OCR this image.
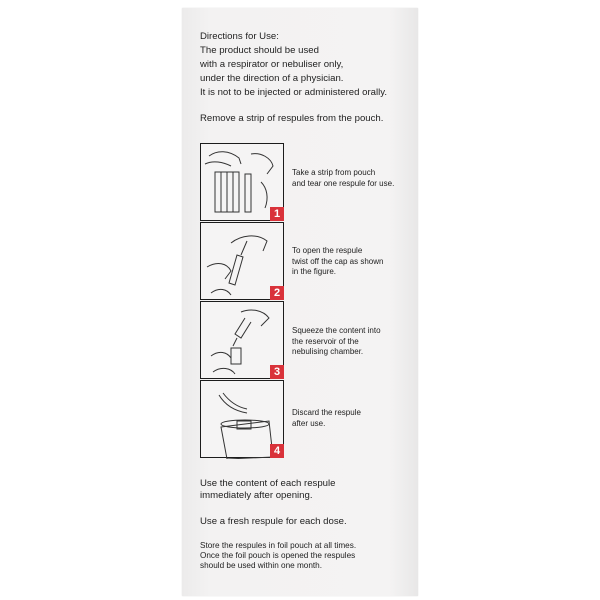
Directions for Use:
The product should be used
with a respirator or nebuliser only,
under the direction of a physician.
It is not to be injected or administered orally.
Remove a strip of respules from the pouch.
1
Take a strip from pouch
and tear one respule for use.
2
To open the respule
twist off the cap as shown
in the figure.
3
Squeeze the content into
the reservoir of the
nebulising chamber.
4
Discard the respule
after use.
Use the content of each respule
immediately after opening.
Use a fresh respule for each dose.
Store the respules in foil pouch at all times.
Once the foil pouch is opened the respules
should be used within one month.
